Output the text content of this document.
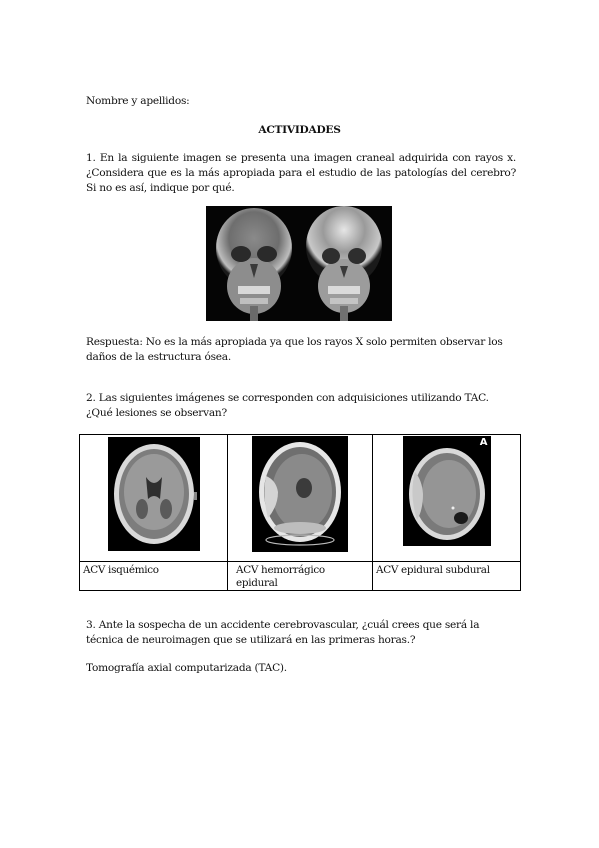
Nombre y apellidos:
ACTIVIDADES
1. En la siguiente imagen se presenta una imagen craneal adquirida con rayos x. ¿Considera que es la más apropiada para el estudio de las patologías del cerebro? Si no es así, indique por qué.
Respuesta: No es la más apropiada ya que los rayos X solo permiten observar los daños de la estructura ósea.
2. Las siguientes imágenes se corresponden con adquisiciones utilizando TAC. ¿Qué lesiones se observan?

A

ACV isquémico	ACV hemorrágico epidural	ACV epidural subdural
3. Ante la sospecha de un accidente cerebrovascular, ¿cuál crees que será la técnica de neuroimagen que se utilizará en las primeras horas.?
Tomografía axial computarizada (TAC).
